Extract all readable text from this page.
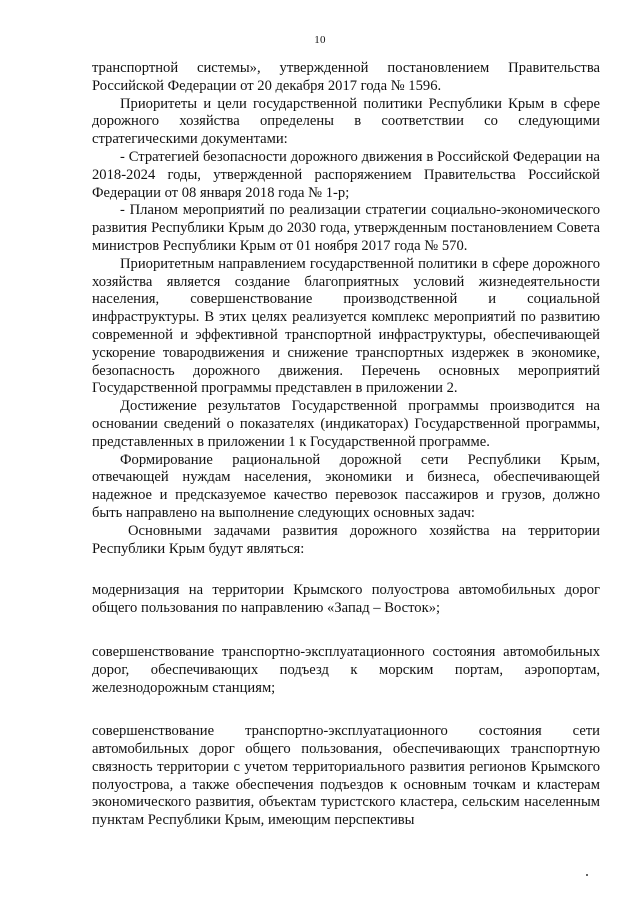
10

транспортной системы», утвержденной постановлением Правительства Российской Федерации от 20 декабря 2017 года № 1596.

Приоритеты и цели государственной политики Республики Крым в сфере дорожного хозяйства определены в соответствии со следующими стратегическими документами:

- Стратегией безопасности дорожного движения в Российской Федерации на 2018-2024 годы, утвержденной распоряжением Правительства Российской Федерации от 08 января 2018 года № 1-р;

- Планом мероприятий по реализации стратегии социально-экономического развития Республики Крым до 2030 года, утвержденным постановлением Совета министров Республики Крым от 01 ноября 2017 года № 570.

Приоритетным направлением государственной политики в сфере дорожного хозяйства является создание благоприятных условий жизнедеятельности населения, совершенствование производственной и социальной инфраструктуры. В этих целях реализуется комплекс мероприятий по развитию современной и эффективной транспортной инфраструктуры, обеспечивающей ускорение товародвижения и снижение транспортных издержек в экономике, безопасность дорожного движения. Перечень основных мероприятий Государственной программы представлен в приложении 2.

Достижение результатов Государственной программы производится на основании сведений о показателях (индикаторах) Государственной программы, представленных в приложении 1 к Государственной программе.

Формирование рациональной дорожной сети Республики Крым, отвечающей нуждам населения, экономики и бизнеса, обеспечивающей надежное и предсказуемое качество перевозок пассажиров и грузов, должно быть направлено на выполнение следующих основных задач:

Основными задачами развития дорожного хозяйства на территории Республики Крым будут являться:

модернизация на территории Крымского полуострова автомобильных дорог общего пользования по направлению «Запад – Восток»;

совершенствование транспортно-эксплуатационного состояния автомобильных дорог, обеспечивающих подъезд к морским портам, аэропортам, железнодорожным станциям;

совершенствование транспортно-эксплуатационного состояния сети автомобильных дорог общего пользования, обеспечивающих транспортную связность территории с учетом территориального развития регионов Крымского полуострова, а также обеспечения подъездов к основным точкам и кластерам экономического развития, объектам туристского кластера, сельским населенным пунктам Республики Крым, имеющим перспективы
